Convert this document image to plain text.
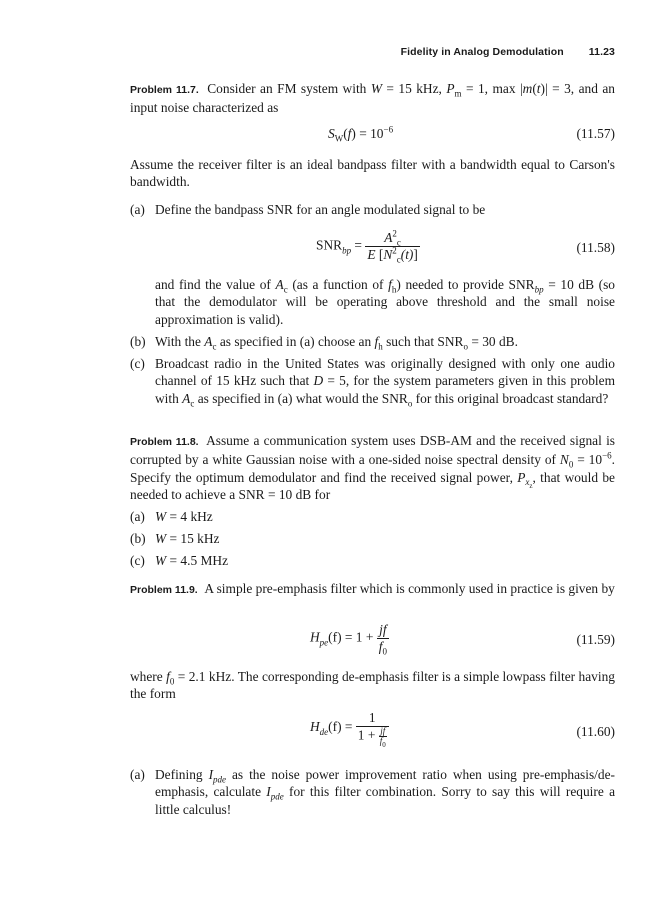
Fidelity in Analog Demodulation 11.23
Problem 11.7. Consider an FM system with W = 15 kHz, $P_m = 1$, max |m(t)| = 3, and an input noise characterized as
$S_W(f) = 10^{-6}$	(11.57)
Assume the receiver filter is an ideal bandpass filter with a bandwidth equal to Carson's bandwidth.
(a) Define the bandpass SNR for an angle modulated signal to be
$SNR_{bp} = \frac{A^2_c}{E [N^2_c(t)]}$	(11.58)
and find the value of $A_c$ (as a function of $f_h$) needed to provide $SNR_{bp} = 10$ dB (so that the demodulator will be operating above threshold and the small noise approximation is valid).
(b) With the $A_c$ as specified in (a) choose an $f_h$ such that $SNR_o = 30$ dB.
(c) Broadcast radio in the United States was originally designed with only one audio channel of 15 kHz such that D = 5, for the system parameters given in this problem with $A_c$ as specified in (a) what would the $SNR_o$ for this original broadcast standard?
Problem 11.8. Assume a communication system uses DSB-AM and the received signal is corrupted by a white Gaussian noise with a one-sided noise spectral density of $N_0 = 10^{-6}$. Specify the optimum demodulator and find the received signal power, $P_{x_z}$, that would be needed to achieve a SNR = 10 dB for
(a) W = 4 kHz
(b) W = 15 kHz
(c) W = 4.5 MHz
Problem 11.9. A simple pre-emphasis filter which is commonly used in practice is given by
$H_{pe}(f) = 1 + \frac{jf}{f_0}$	(11.59)
where $f_0 = 2.1$ kHz. The corresponding de-emphasis filter is a simple lowpass filter having the form
$H_{de}(f) = \frac{1}{1 + \frac{jf}{f_0}}$	(11.60)
(a) Defining $I_{pde}$ as the noise power improvement ratio when using pre-emphasis/de-emphasis, calculate $I_{pde}$ for this filter combination. Sorry to say this will require a little calculus!
